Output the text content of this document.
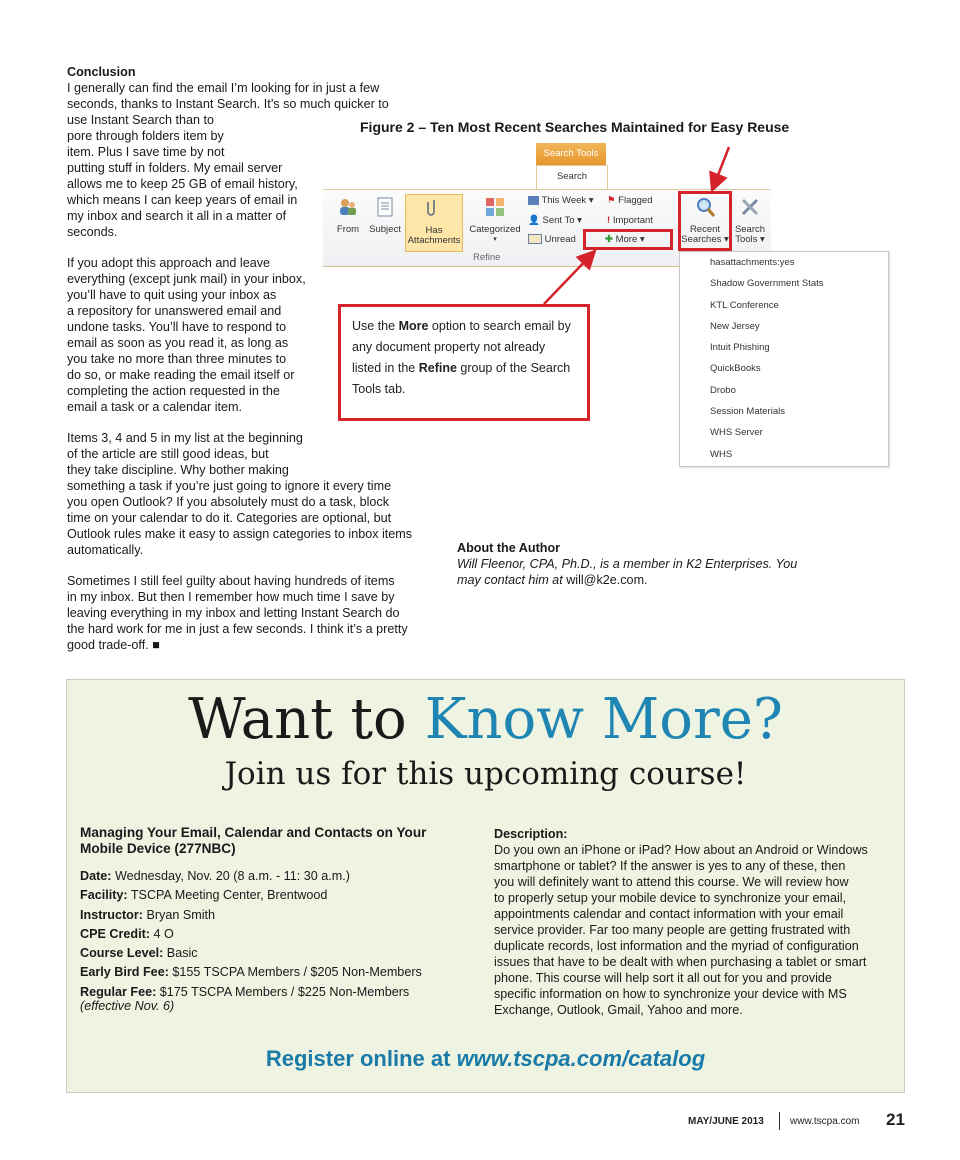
Conclusion

I generally can find the email I’m looking for in just a few
seconds, thanks to Instant Search. It’s so much quicker to
use Instant Search than to
pore through folders item by
item. Plus I save time by not
putting stuff in folders. My email server
allows me to keep 25 GB of email history,
which means I can keep years of email in
my inbox and search it all in a matter of
seconds.
If you adopt this approach and leave
everything (except junk mail) in your inbox,
you’ll have to quit using your inbox as
a repository for unanswered email and
undone tasks. You’ll have to respond to
email as soon as you read it, as long as
you take no more than three minutes to
do so, or make reading the email itself or
completing the action requested in the
email a task or a calendar item.
Items 3, 4 and 5 in my list at the beginning
of the article are still good ideas, but
they take discipline. Why bother making
something a task if you’re just going to ignore it every time
you open Outlook? If you absolutely must do a task, block
time on your calendar to do it. Categories are optional, but
Outlook rules make it easy to assign categories to inbox items
automatically.
Sometimes I still feel guilty about having hundreds of items
in my inbox. But then I remember how much time I save by
leaving everything in my inbox and letting Instant Search do
the hard work for me in just a few seconds. I think it’s a pretty
good trade-off. ■
Figure 2 – Ten Most Recent Searches Maintained for Easy Reuse
Search Tools
Search
From	Subject	Has
Attachments
Categorized
▾
This Week ▾
👤 Sent To ▾
Unread
⚑ Flagged
! Important
✚ More ▾
Recent
Searches ▾
Search
Tools ▾
Refine	hasattachments:yes
Shadow Government Stats
KTL Conference
New Jersey
Intuit Phishing
QuickBooks
Drobo
Session Materials
WHS Server
WHS
Use the More option to search email by any document property not already listed in the Refine group of the Search Tools tab.

About the Author

Will Fleenor, CPA, Ph.D., is a member in K2 Enterprises. You

may contact him at will@k2e.com.

Want to Know More?
Join us for this upcoming course!
Managing Your Email, Calendar and Contacts on Your
Mobile Device (277NBC)
Date: Wednesday, Nov. 20 (8 a.m. - 11: 30 a.m.)
Facility: TSCPA Meeting Center, Brentwood
Instructor: Bryan Smith
CPE Credit: 4 O
Course Level: Basic
Early Bird Fee: $155 TSCPA Members / $205 Non-Members
Regular Fee: $175 TSCPA Members / $225 Non-Members
(effective Nov. 6)
Description:
Do you own an iPhone or iPad? How about an Android or Windows
smartphone or tablet? If the answer is yes to any of these, then
you will definitely want to attend this course. We will review how
to properly setup your mobile device to synchronize your email,
appointments calendar and contact information with your email
service provider. Far too many people are getting frustrated with
duplicate records, lost information and the myriad of configuration
issues that have to be dealt with when purchasing a tablet or smart
phone. This course will help sort it all out for you and provide
specific information on how to synchronize your device with MS
Exchange, Outlook, Gmail, Yahoo and more.
Register online at www.tscpa.com/catalog
MAY/JUNE 2013	www.tscpa.com 21
